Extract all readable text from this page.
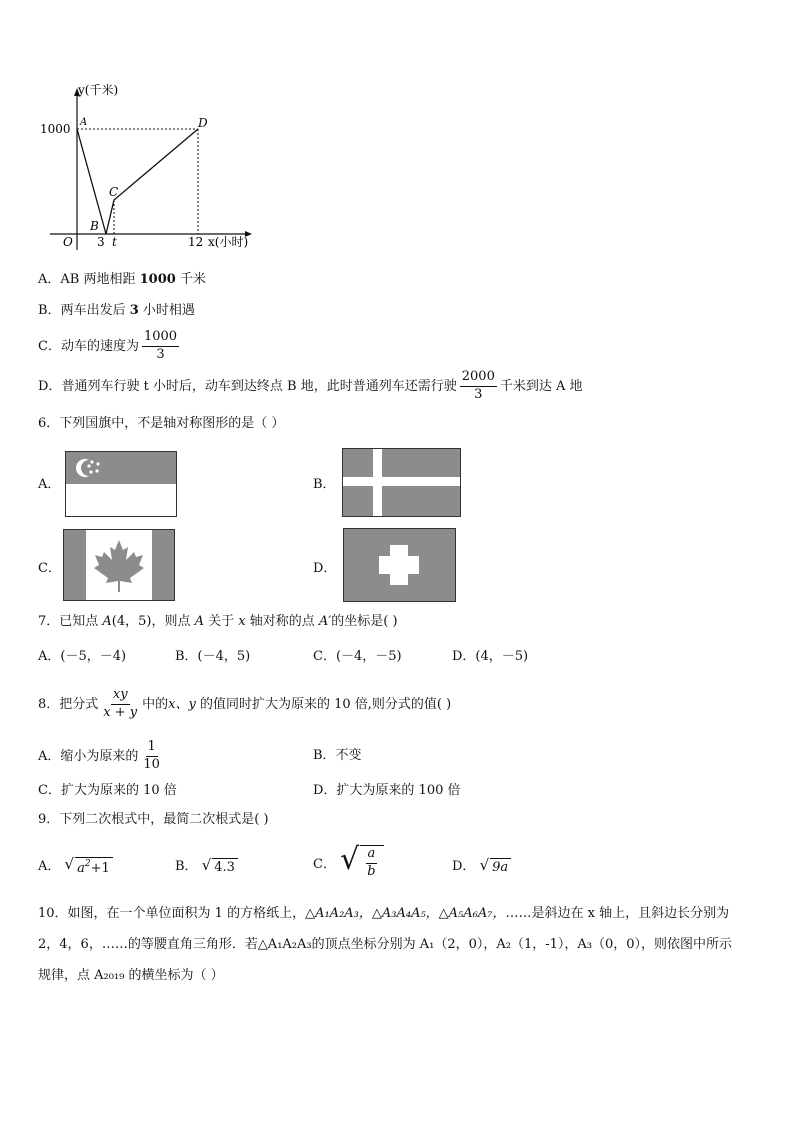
y(千米)
1000 A	D
C
B
O 3 t	12 x(小时)
A．AB 两地相距 1000 千米
B．两车出发后 3 小时相遇
C．动车的速度为 $\frac{1000}{3}$
D．普通列车行驶 t 小时后，动车到达终点 B 地，此时普通列车还需行驶 $\frac{2000}{3}$ 千米到达 A 地
6．下列国旗中，不是轴对称图形的是（ ）
A．	B．
C．	D．
7．已知点 A(4，5)，则点 A 关于 x 轴对称的点 A′的坐标是( )
A．(－5，－4)	B．(－4，5)	C．(－4，－5)	D．(4，－5)
8．把分式 $\frac{xy}{x + y}$ 中的x、y 的值同时扩大为原来的 10 倍,则分式的值( )
A．缩小为原来的 $\frac{1}{10}$	B．不变
C．扩大为原来的 10 倍	D．扩大为原来的 100 倍
9．下列二次根式中，最简二次根式是( )
A． √ $a^2+1$	B． √ 4.3	C． √ $\frac{a}{b}$	D． √ 9a
10．如图，在一个单位面积为 1 的方格纸上，△A₁A₂A₃，△A₃A₄A₅，△A₅A₆A₇，……是斜边在 x 轴上，且斜边长分别为
2，4，6，……的等腰直角三角形．若△A₁A₂A₃的顶点坐标分别为 A₁（2，0），A₂（1，-1），A₃（0，0），则依图中所示
规律，点 A₂₀₁₉ 的横坐标为（ ）
